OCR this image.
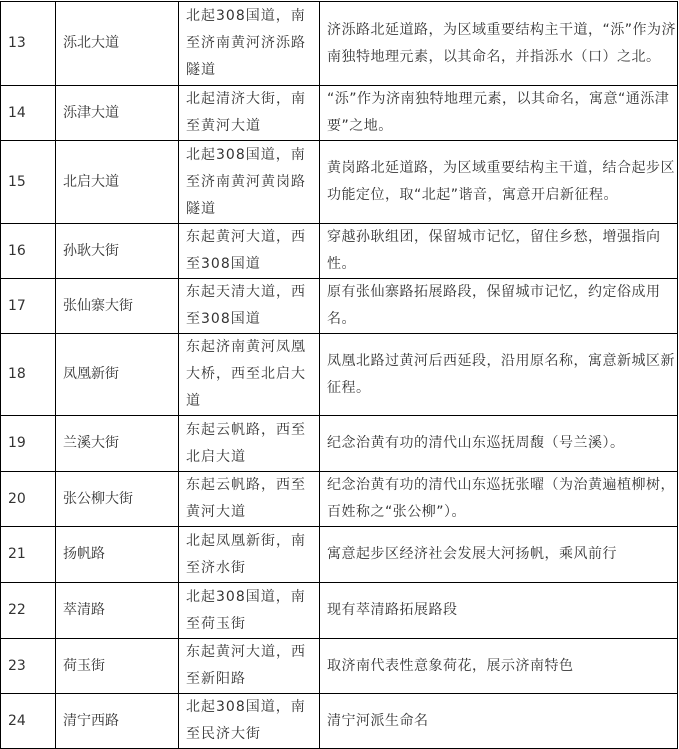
13	泺北大道	北起308国道，南至济南黄河济泺路隧道	济泺路北延道路，为区域重要结构主干道，“泺”作为济南独特地理元素，以其命名，并指泺水（口）之北。
14	泺津大道	北起清济大街，南至黄河大道	“泺”作为济南独特地理元素，以其命名，寓意“通泺津要”之地。
15	北启大道	北起308国道，南至济南黄河黄岗路隧道	黄岗路北延道路，为区域重要结构主干道，结合起步区功能定位，取“北起”谐音，寓意开启新征程。
16	孙耿大街	东起黄河大道，西至308国道	穿越孙耿组团，保留城市记忆，留住乡愁，增强指向性。
17	张仙寨大街	东起天清大道，西至308国道	原有张仙寨路拓展路段，保留城市记忆，约定俗成用名。
18	凤凰新街	东起济南黄河凤凰大桥，西至北启大道	凤凰北路过黄河后西延段，沿用原名称，寓意新城区新征程。
19	兰溪大街	东起云帆路，西至北启大道	纪念治黄有功的清代山东巡抚周馥（号兰溪）。
20	张公柳大街	东起云帆路，西至黄河大道	纪念治黄有功的清代山东巡抚张曜（为治黄遍植柳树，百姓称之“张公柳”）。
21	扬帆路	北起凤凰新街，南至济水街	寓意起步区经济社会发展大河扬帆，乘风前行
22	萃清路	北起308国道，南至荷玉街	现有萃清路拓展路段
23	荷玉街	东起黄河大道，西至新阳路	取济南代表性意象荷花，展示济南特色
24	清宁西路	北起308国道，南至民济大街	清宁河派生命名
